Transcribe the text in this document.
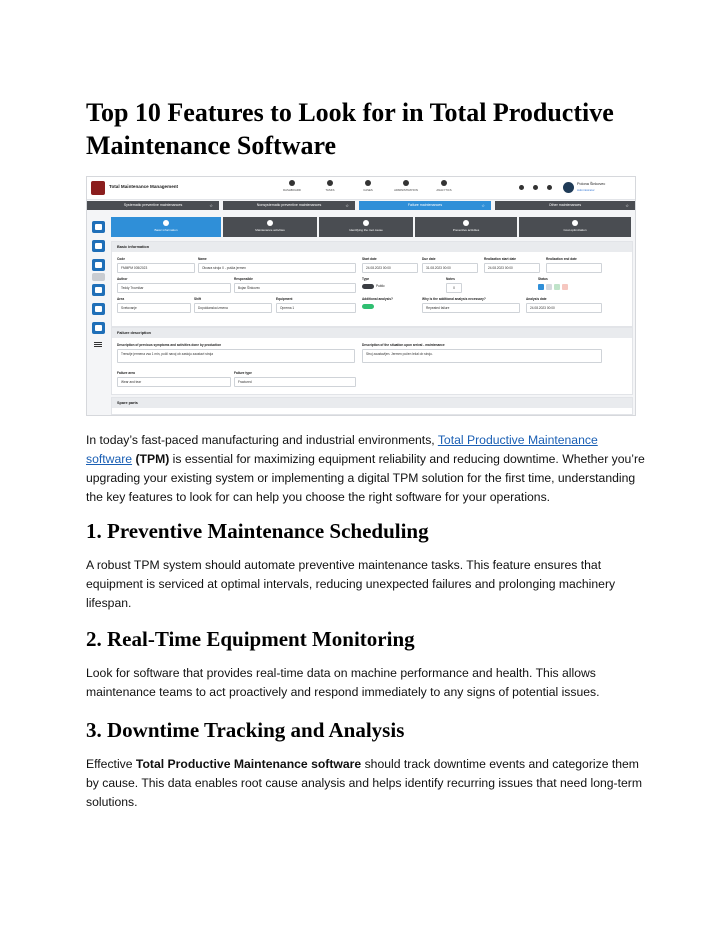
Top 10 Features to Look for in Total Productive Maintenance Software
Total Maintenance Management
DASHBOARD	TASKS	CASES	ADMINISTRATION	ANALYTICS
Polona Šinkovec
Administrator
Systematic preventive maintenances	☆	Nonsystematic preventive maintenances	☆	Failure maintenances	☆	Other maintenances	☆
Basic information	Maintenance activities	Identifying the root cause	Preventive activities	Cost optimization
Basic information
Code
FMMPM 005/2023
Name
Okvara stroja X - pušča jermen
Start date
24.08.2023 00:00
Due date
31.08.2023 00:00
Realization start date
24.08.2023 00:00
Realization end date
Author
Teddy Trovnikar
Responsible
Bojan Šinkovec
Type
Public
Notes
0
Status
Area
Svetovanje
Shift
Dopoldanska izmena
Equipment
Oprema 1
Additional analysis?	Why is the additional analysis necessary?
Repeated failure
Analysis date
24.08.2023 00:00
Failure description
Description of previous symptoms and activities done by production
Trenutje jermena vsa 1 min, počil navoj ob zastoju zaustavi stroja
Description of the situation upon arrival - maintenance
Stroj zaustavljen. Jermen počen ležal ob stroju.
Failure area
Wear and tear
Failure type
Fractured
Spare parts

In today’s fast-paced manufacturing and industrial environments, Total Productive Maintenance software (TPM) is essential for maximizing equipment reliability and reducing downtime. Whether you’re upgrading your existing system or implementing a digital TPM solution for the first time, understanding the key features to look for can help you choose the right software for your operations.

1. Preventive Maintenance Scheduling

A robust TPM system should automate preventive maintenance tasks. This feature ensures that equipment is serviced at optimal intervals, reducing unexpected failures and prolonging machinery lifespan.

2. Real-Time Equipment Monitoring

Look for software that provides real-time data on machine performance and health. This allows maintenance teams to act proactively and respond immediately to any signs of potential issues.

3. Downtime Tracking and Analysis

Effective Total Productive Maintenance software should track downtime events and categorize them by cause. This data enables root cause analysis and helps identify recurring issues that need long-term solutions.
